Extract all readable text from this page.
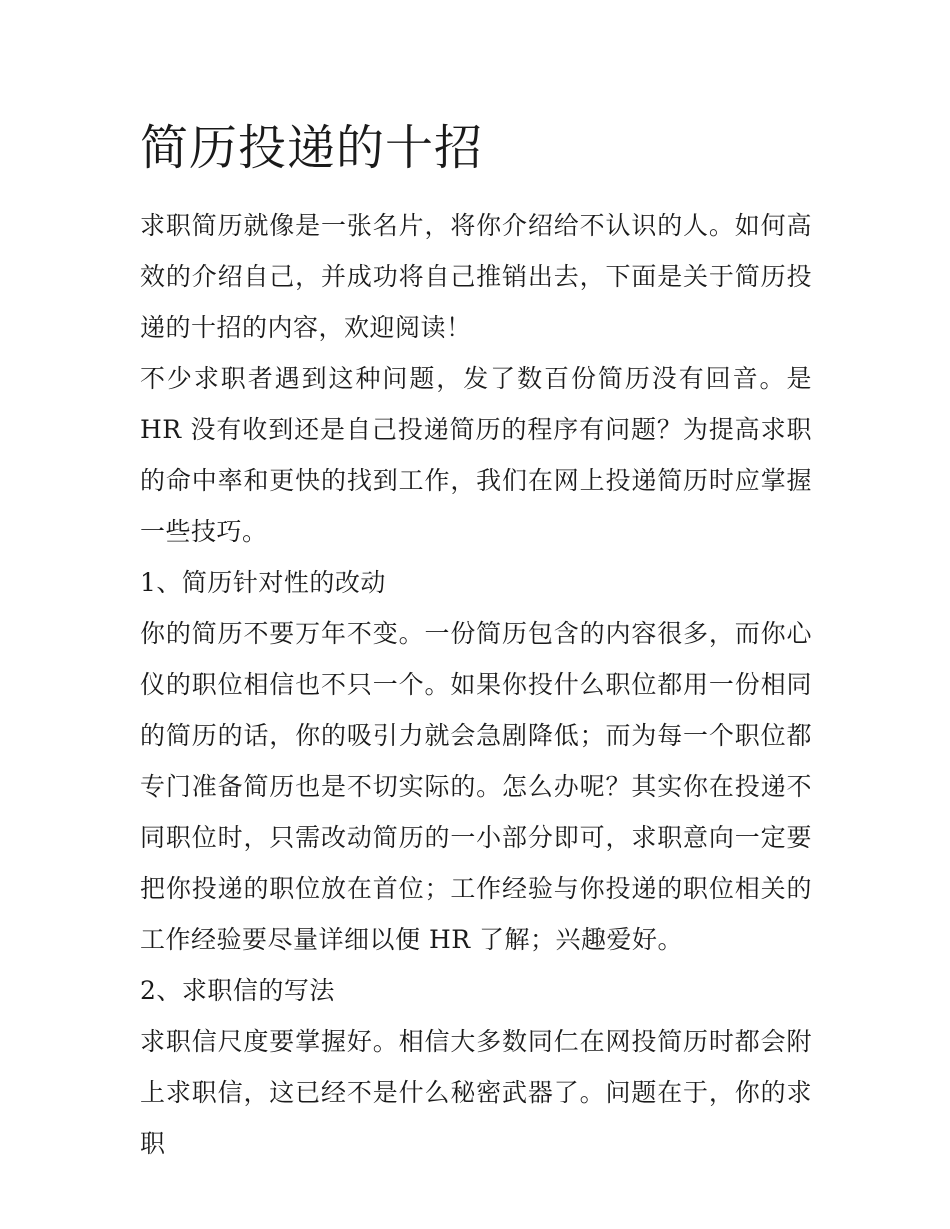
简历投递的十招

求职简历就像是一张名片，将你介绍给不认识的人。如何高效的介绍自己，并成功将自己推销出去，下面是关于简历投递的十招的内容，欢迎阅读！

不少求职者遇到这种问题，发了数百份简历没有回音。是 HR 没有收到还是自己投递简历的程序有问题？为提高求职的命中率和更快的找到工作，我们在网上投递简历时应掌握一些技巧。

1、简历针对性的改动

你的简历不要万年不变。一份简历包含的内容很多，而你心仪的职位相信也不只一个。如果你投什么职位都用一份相同的简历的话，你的吸引力就会急剧降低；而为每一个职位都专门准备简历也是不切实际的。怎么办呢？其实你在投递不同职位时，只需改动简历的一小部分即可，求职意向一定要把你投递的职位放在首位；工作经验与你投递的职位相关的工作经验要尽量详细以便 HR 了解；兴趣爱好。

2、求职信的写法

求职信尺度要掌握好。相信大多数同仁在网投简历时都会附上求职信，这已经不是什么秘密武器了。问题在于，你的求职
